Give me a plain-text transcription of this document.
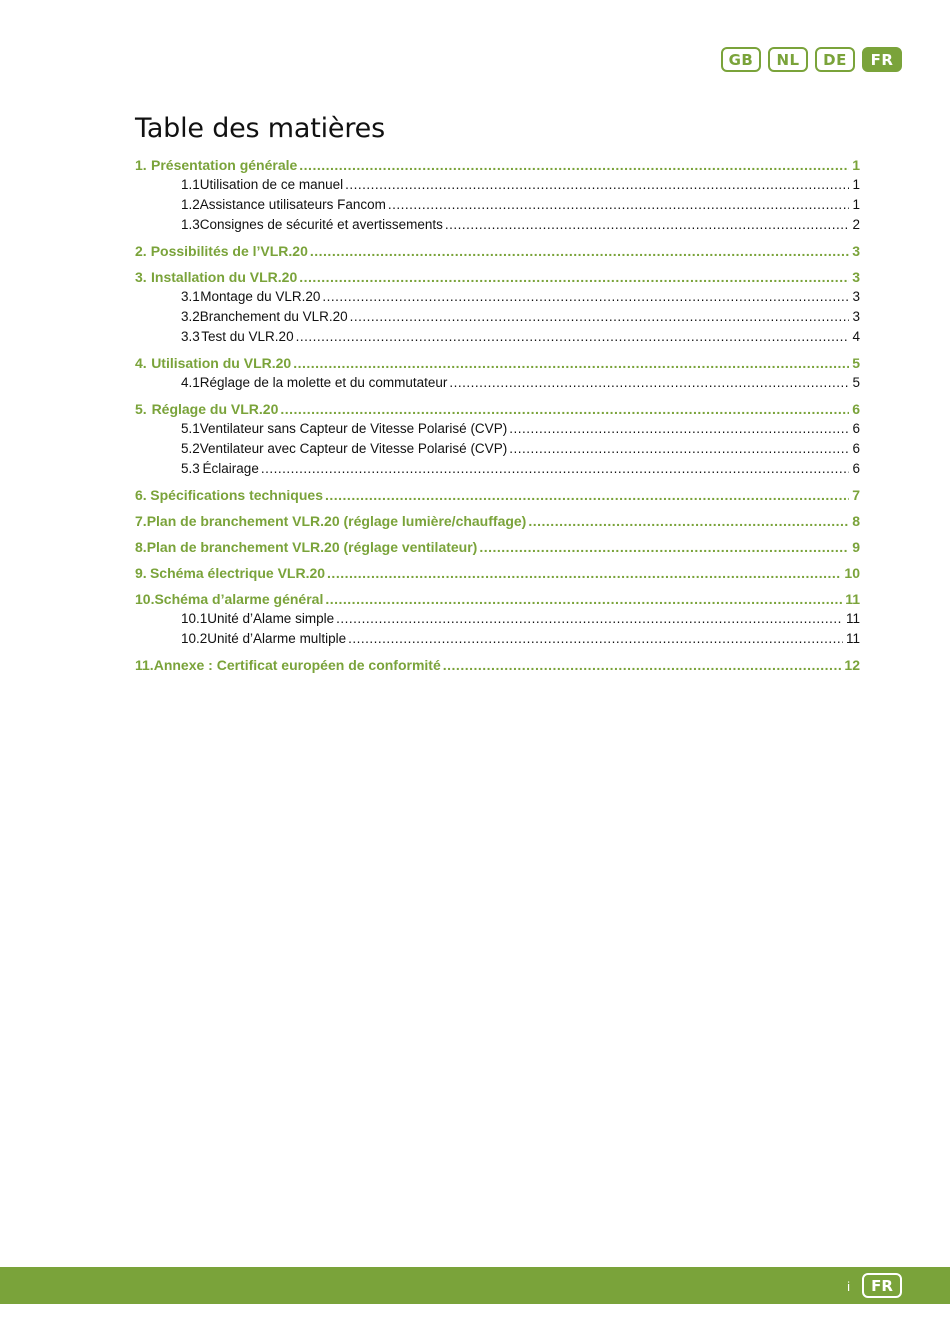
GB	NL	DE	FR
Table des matières
1. Présentation générale .....	1
1.1 Utilisation de ce manuel .....	1
1.2 Assistance utilisateurs Fancom .....	1
1.3 Consignes de sécurité et avertissements .....	2
2. Possibilités de l’VLR.20 .....	3
3. Installation du VLR.20 .....	3
3.1 Montage du VLR.20 .....	3
3.2 Branchement du VLR.20 .....	3
3.3 Test du VLR.20 .....	4
4. Utilisation du VLR.20 .....	5
4.1 Réglage de la molette et du commutateur .....	5
5. Réglage du VLR.20 .....	6
5.1 Ventilateur sans Capteur de Vitesse Polarisé (CVP) .....	6
5.2 Ventilateur avec Capteur de Vitesse Polarisé (CVP) .....	6
5.3 Éclairage .....	6
6. Spécifications techniques .....	7
7. Plan de branchement VLR.20 (réglage lumière/chauffage) .....	8
8. Plan de branchement VLR.20 (réglage ventilateur) .....	9
9. Schéma électrique VLR.20 .....	10
10. Schéma d’alarme général .....	11
10.1 Unité d’Alame simple .....	11
10.2 Unité d’Alarme multiple .....	11
11. Annexe : Certificat européen de conformité .....	12
i	FR
